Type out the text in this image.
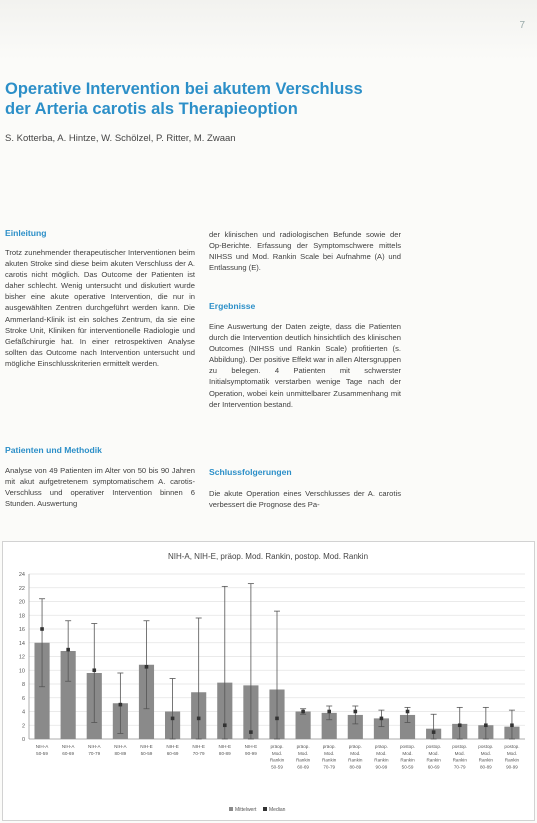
7
Operative Intervention bei akutem Verschluss
der Arteria carotis als Therapieoption
S. Kotterba, A. Hintze, W. Schölzel, P. Ritter, M. Zwaan
Einleitung
Trotz zunehmender therapeutischer Interventionen beim akuten Stroke sind diese beim akuten Verschluss der A. carotis nicht möglich. Das Outcome der Patienten ist daher schlecht. Wenig untersucht und diskutiert wurde bisher eine akute operative Intervention, die nur in ausgewählten Zentren durchgeführt werden kann. Die Ammerland-Klinik ist ein solches Zentrum, da sie eine Stroke Unit, Kliniken für interventionelle Radiologie und Gefäßchirurgie hat. In einer retrospektiven Analyse sollten das Outcome nach Intervention untersucht und mögliche Einschlusskriterien ermittelt werden.
Patienten und Methodik
Analyse von 49 Patienten im Alter von 50 bis 90 Jahren mit akut aufgetretenem symptomatischem A. carotis-Verschluss und operativer Intervention binnen 6 Stunden. Auswertung
der klinischen und radiologischen Befunde sowie der Op-Berichte. Erfassung der Symptomschwere mittels NIHSS und Mod. Rankin Scale bei Aufnahme (A) und Entlassung (E).
Ergebnisse
Eine Auswertung der Daten zeigte, dass die Patienten durch die Intervention deutlich hinsichtlich des klinischen Outcomes (NIHSS und Rankin Scale) profitierten (s. Abbildung). Der positive Effekt war in allen Altersgruppen zu belegen. 4 Patienten mit schwerster Initialsymptomatik verstarben wenige Tage nach der Operation, wobei kein unmittelbarer Zusammenhang mit der Intervention bestand.
Schlussfolgerungen
Die akute Operation eines Verschlusses der A. carotis verbessert die Prognose des Pa-
NIH-A, NIH-E, präop. Mod. Rankin, postop. Mod. Rankin
0
2
4
6
8
10
12
14
16
18
20
22
24
NIH-A
50-59
NIH-A
60-69
NIH-A
70-79
NIH-A
80-89
NIH-E
50-59
NIH-E
60-69
NIH-E
70-79
NIH-E
80-89
NIH-E
90-99
präop.
Mod.
Rankin
50-59
präop.
Mod.
Rankin
60-69
präop.
Mod.
Rankin
70-79
präop.
Mod.
Rankin
80-89
präop.
Mod.
Rankin
90-99
postop.
Mod.
Rankin
50-59
postop.
Mod.
Rankin
60-69
postop.
Mod.
Rankin
70-79
postop.
Mod.
Rankin
80-89
postop.
Mod.
Rankin
90-99
Mittelwert	Median
